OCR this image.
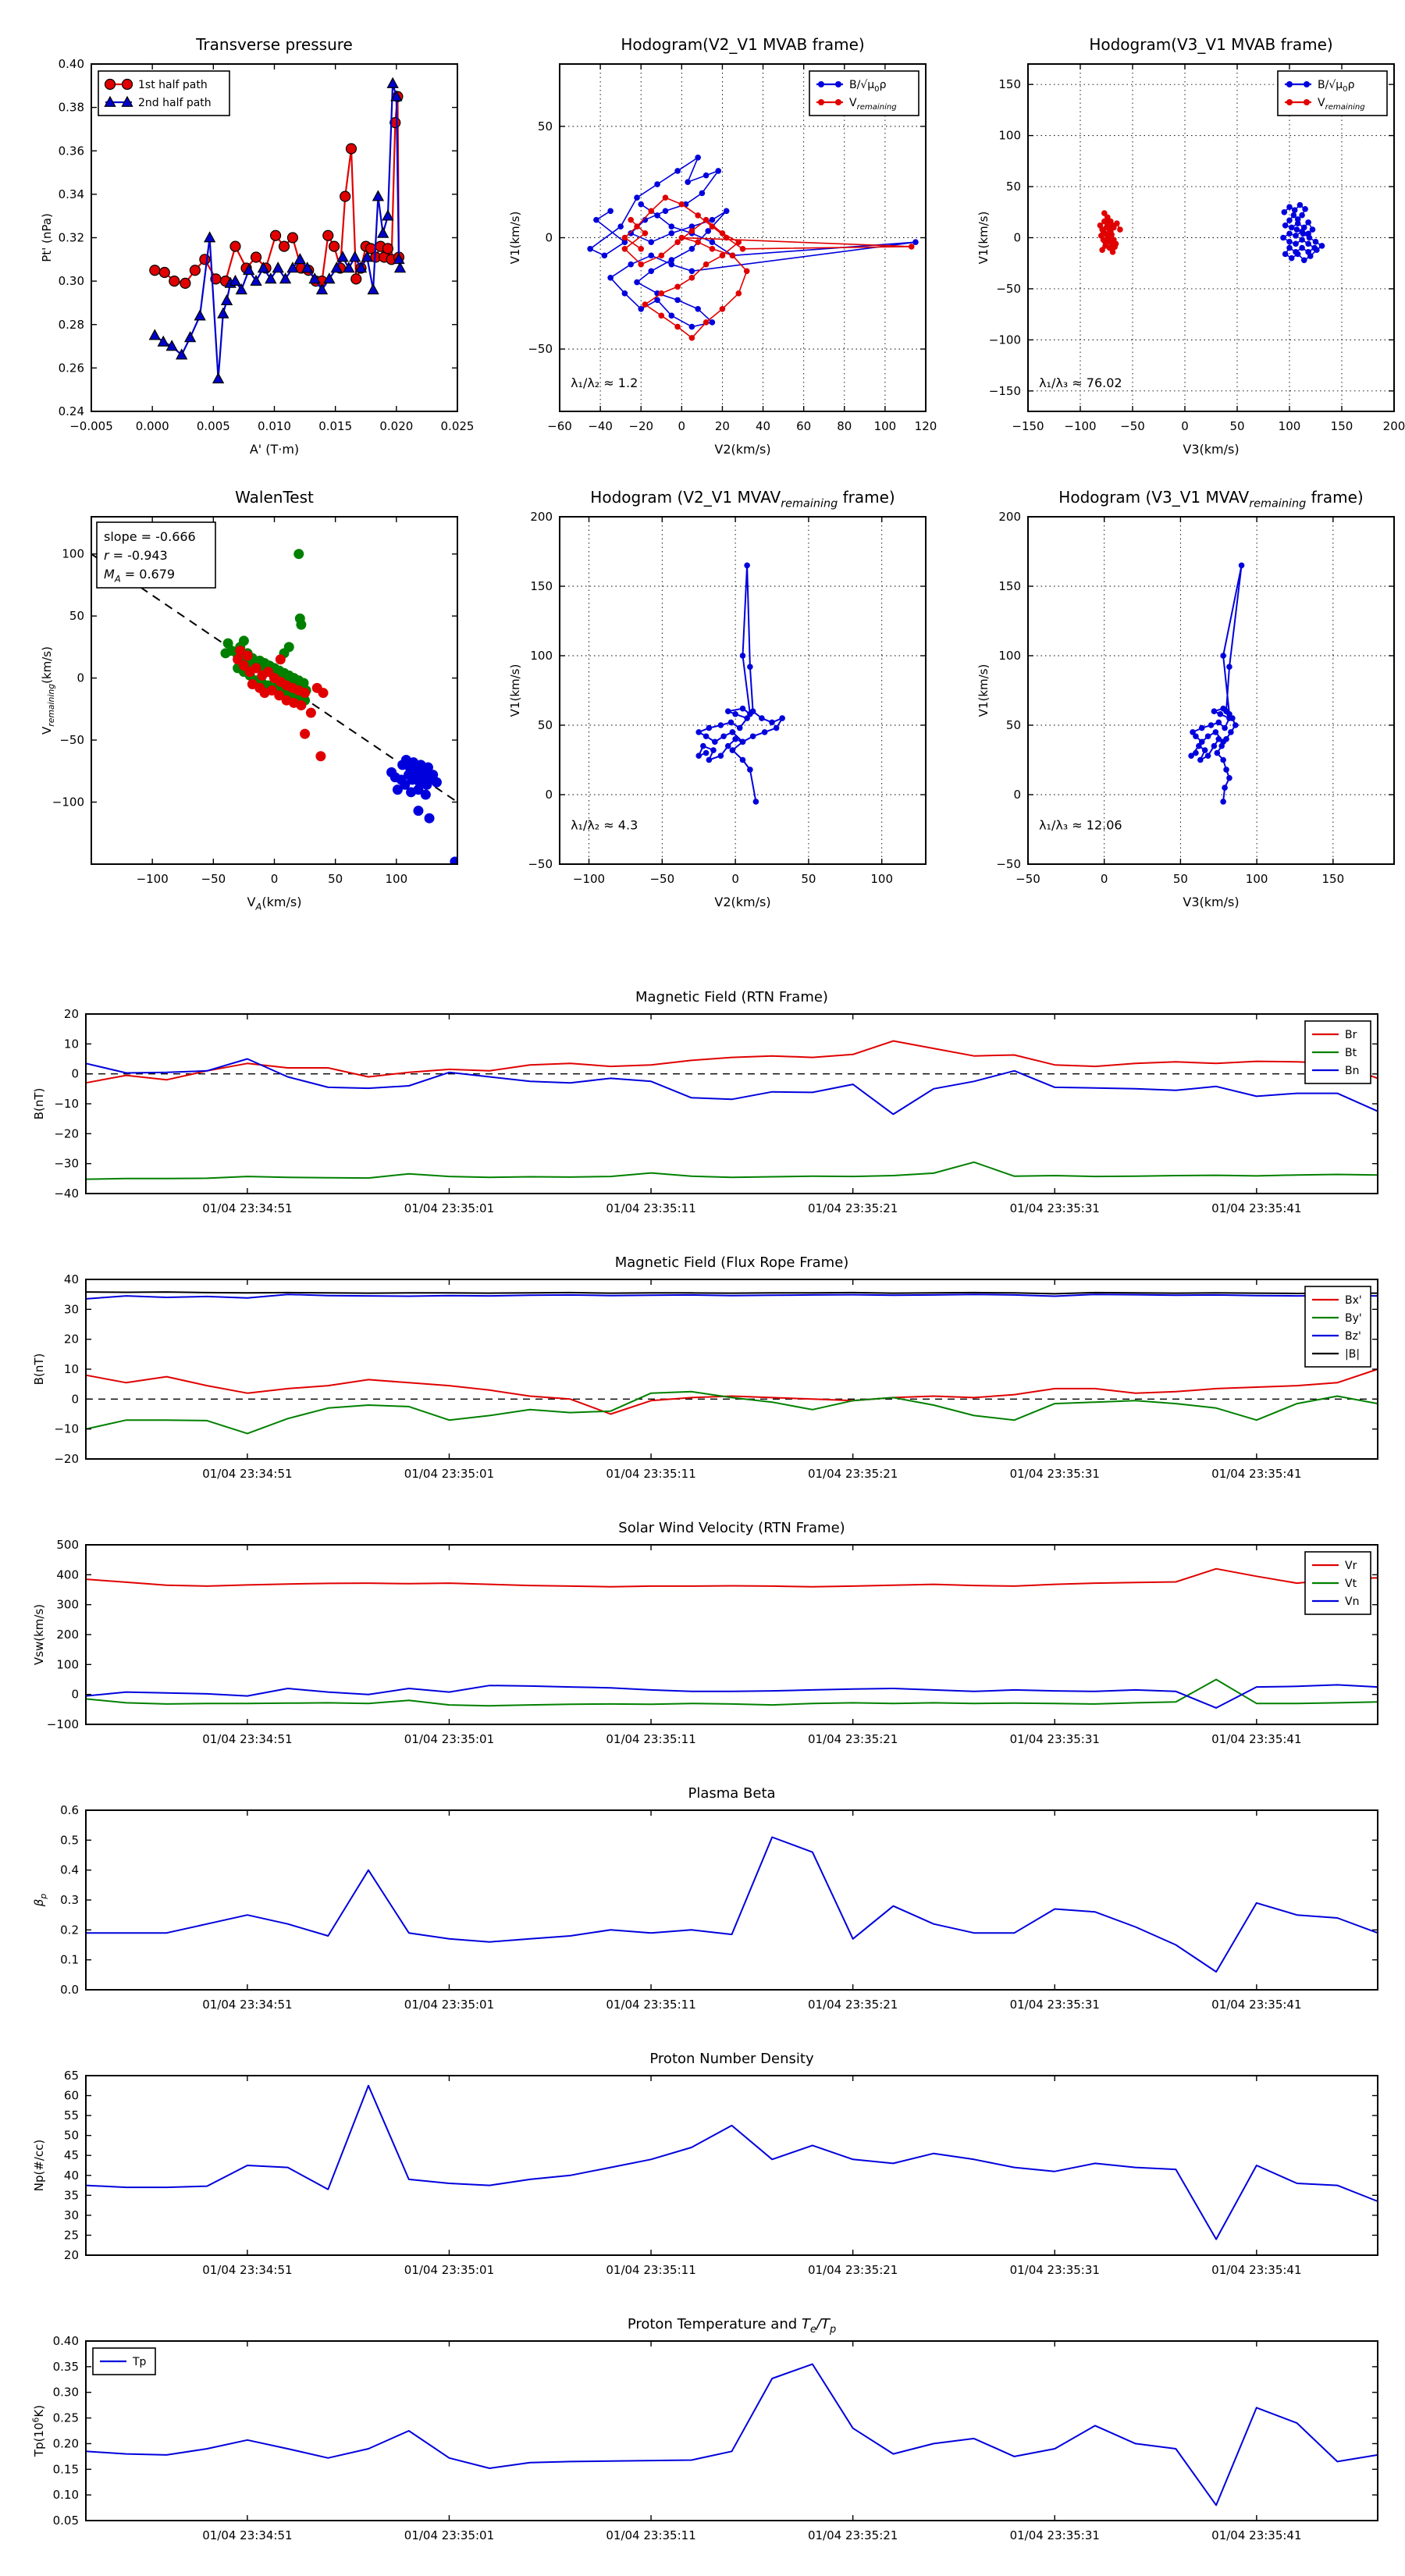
−0.005 0.000 0.005 0.010 0.015 0.020 0.025
0.24
0.26
0.28
0.30
0.32
0.34
0.36
0.38
0.40
Transverse pressure
A' (T·m)
Pt' (nPa)
1st half path
2nd half path
−60 −40 −20 0	20 40 60 80 100 120
−50
0
50
Hodogram(V2_V1 MVAB frame)
V2(km/s)
V1(km/s)
$B/√\mu_0\rho$
$V_{remaining}$
λ₁/λ₂ ≈ 1.2
−150 −100 −50	0	50	100	150	200
−150
−100
−50
0
50
100
150
Hodogram(V3_V1 MVAB frame)
V3(km/s)
V1(km/s)
$B/√\mu_0\rho$
$V_{remaining}$
λ₁/λ₃ ≈ 76.02
−100	−50	0	50	100
−100
−50
0
50
100
WalenTest
$V_A(km/s)$
$V_{remaining}(km/s)$
slope = -0.666
r = -0.943
$M_A = 0.679$
−100	−50	0	50	100
−50
0
50
100
150
200
Hodogram (V2_V1 $MVAV_{remaining}$ frame)
V2(km/s)
V1(km/s)
λ₁/λ₂ ≈ 4.3
−50	0	50	100	150
−50
0
50
100
150
200
Hodogram (V3_V1 $MVAV_{remaining}$ frame)
V3(km/s)
V1(km/s)
λ₁/λ₃ ≈ 12.06
01/04 23:34:51	01/04 23:35:01	01/04 23:35:11	01/04 23:35:21	01/04 23:35:31	01/04 23:35:41
−40
−30
−20
−10
0
10
20
Magnetic Field (RTN Frame)
B(nT)
Br
Bt
Bn
01/04 23:34:51	01/04 23:35:01	01/04 23:35:11	01/04 23:35:21	01/04 23:35:31	01/04 23:35:41
−20
−10
0
10
20
30
40
Magnetic Field (Flux Rope Frame)
B(nT)
Bx'
By'
Bz'
|B|
01/04 23:34:51	01/04 23:35:01	01/04 23:35:11	01/04 23:35:21	01/04 23:35:31	01/04 23:35:41
−100
0
100
200
300
400
500
Solar Wind Velocity (RTN Frame)
Vsw(km/s)
Vr
Vt
Vn
01/04 23:34:51	01/04 23:35:01	01/04 23:35:11	01/04 23:35:21	01/04 23:35:31	01/04 23:35:41
0.0
0.1
0.2
0.3
0.4
0.5
0.6
Plasma Beta
$\beta_p$
01/04 23:34:51	01/04 23:35:01	01/04 23:35:11	01/04 23:35:21	01/04 23:35:31	01/04 23:35:41
20
25
30
35
40
45
50
55
60
65
Proton Number Density
Np(#/cc)
01/04 23:34:51	01/04 23:35:01	01/04 23:35:11	01/04 23:35:21	01/04 23:35:31	01/04 23:35:41
0.05
0.10
0.15
0.20
0.25
0.30
0.35
0.40
Proton Temperature and $T_e/T_p$
$Tp(10^6K)$
Tp
